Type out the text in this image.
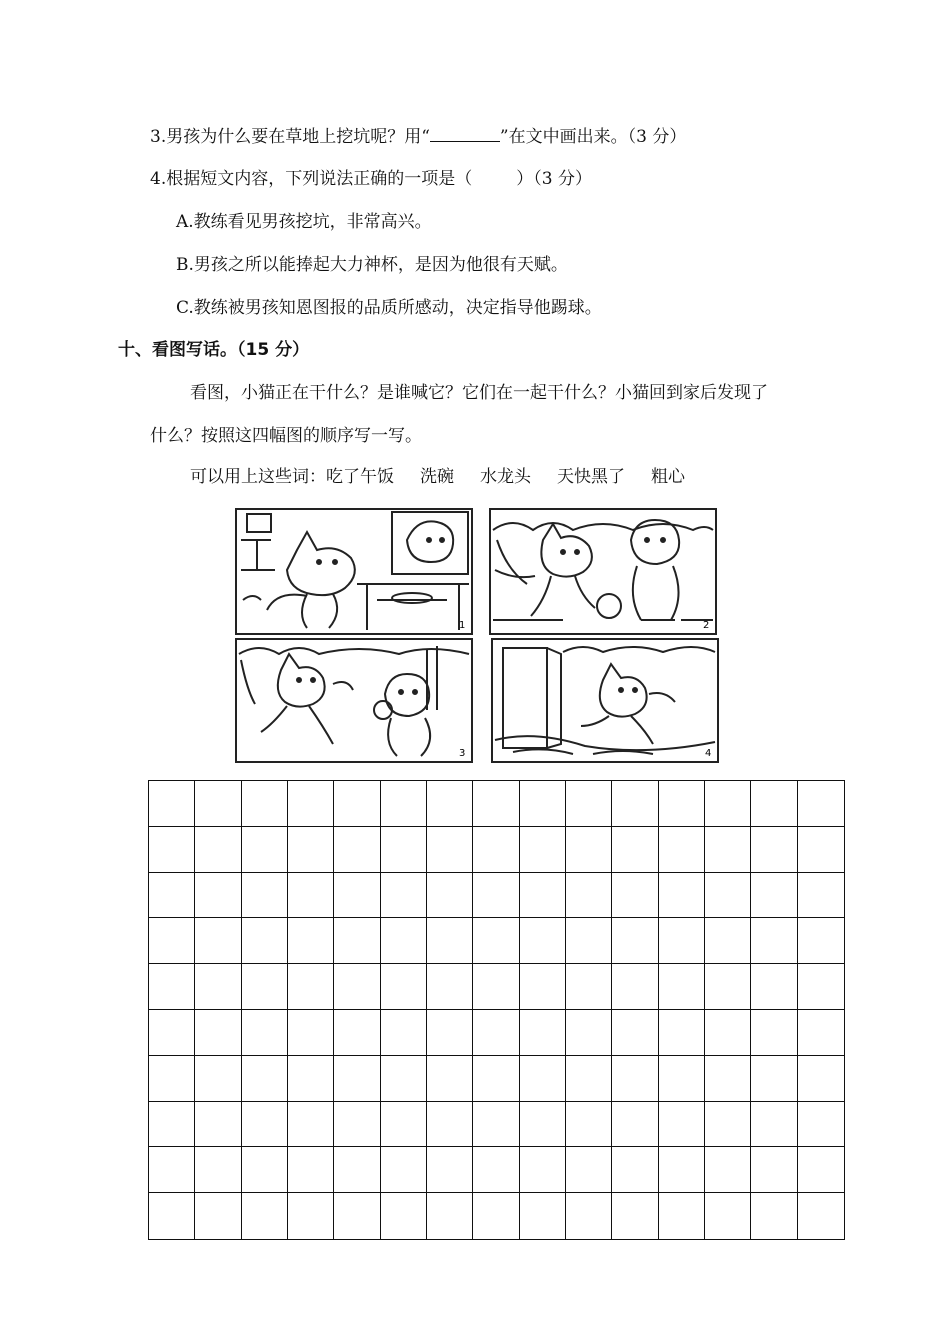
3.男孩为什么要在草地上挖坑呢？用“	”在文中画出来。（3 分）
4.根据短文内容，下列说法正确的一项是（	）（3 分）
A.教练看见男孩挖坑，非常高兴。
B.男孩之所以能捧起大力神杯，是因为他很有天赋。
C.教练被男孩知恩图报的品质所感动，决定指导他踢球。
十、看图写话。（15 分）
看图，小猫正在干什么？是谁喊它？它们在一起干什么？小猫回到家后发现了
什么？按照这四幅图的顺序写一写。
可以用上这些词：吃了午饭 洗碗 水龙头 天快黑了 粗心
1	2
3	4
